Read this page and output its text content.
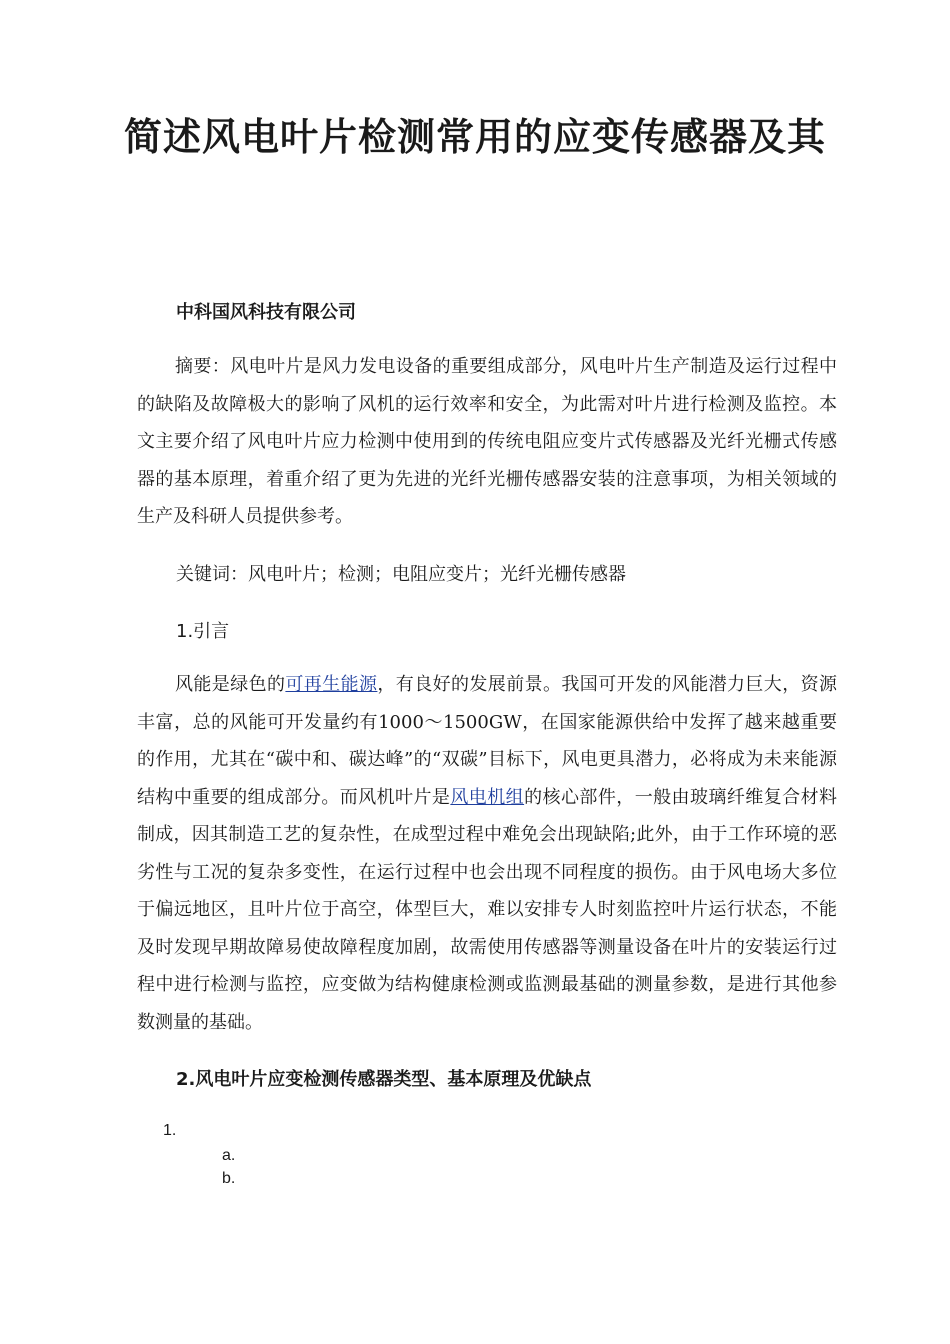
简述风电叶片检测常用的应变传感器及其
中科国风科技有限公司

摘要：风电叶片是风力发电设备的重要组成部分，风电叶片生产制造及运行过程中的缺陷及故障极大的影响了风机的运行效率和安全，为此需对叶片进行检测及监控。本文主要介绍了风电叶片应力检测中使用到的传统电阻应变片式传感器及光纤光栅式传感器的基本原理，着重介绍了更为先进的光纤光栅传感器安装的注意事项，为相关领域的生产及科研人员提供参考。

关键词：风电叶片；检测；电阻应变片；光纤光栅传感器
1.引言

风能是绿色的可再生能源，有良好的发展前景。我国可开发的风能潜力巨大，资源丰富，总的风能可开发量约有1000～1500GW，在国家能源供给中发挥了越来越重要的作用，尤其在“碳中和、碳达峰”的“双碳”目标下，风电更具潜力，必将成为未来能源结构中重要的组成部分。而风机叶片是风电机组的核心部件，一般由玻璃纤维复合材料制成，因其制造工艺的复杂性，在成型过程中难免会出现缺陷;此外，由于工作环境的恶劣性与工况的复杂多变性，在运行过程中也会出现不同程度的损伤。由于风电场大多位于偏远地区，且叶片位于高空，体型巨大，难以安排专人时刻监控叶片运行状态，不能及时发现早期故障易使故障程度加剧，故需使用传感器等测量设备在叶片的安装运行过程中进行检测与监控，应变做为结构健康检测或监测最基础的测量参数，是进行其他参数测量的基础。

2.风电叶片应变检测传感器类型、基本原理及优缺点
1.
a.
b.
